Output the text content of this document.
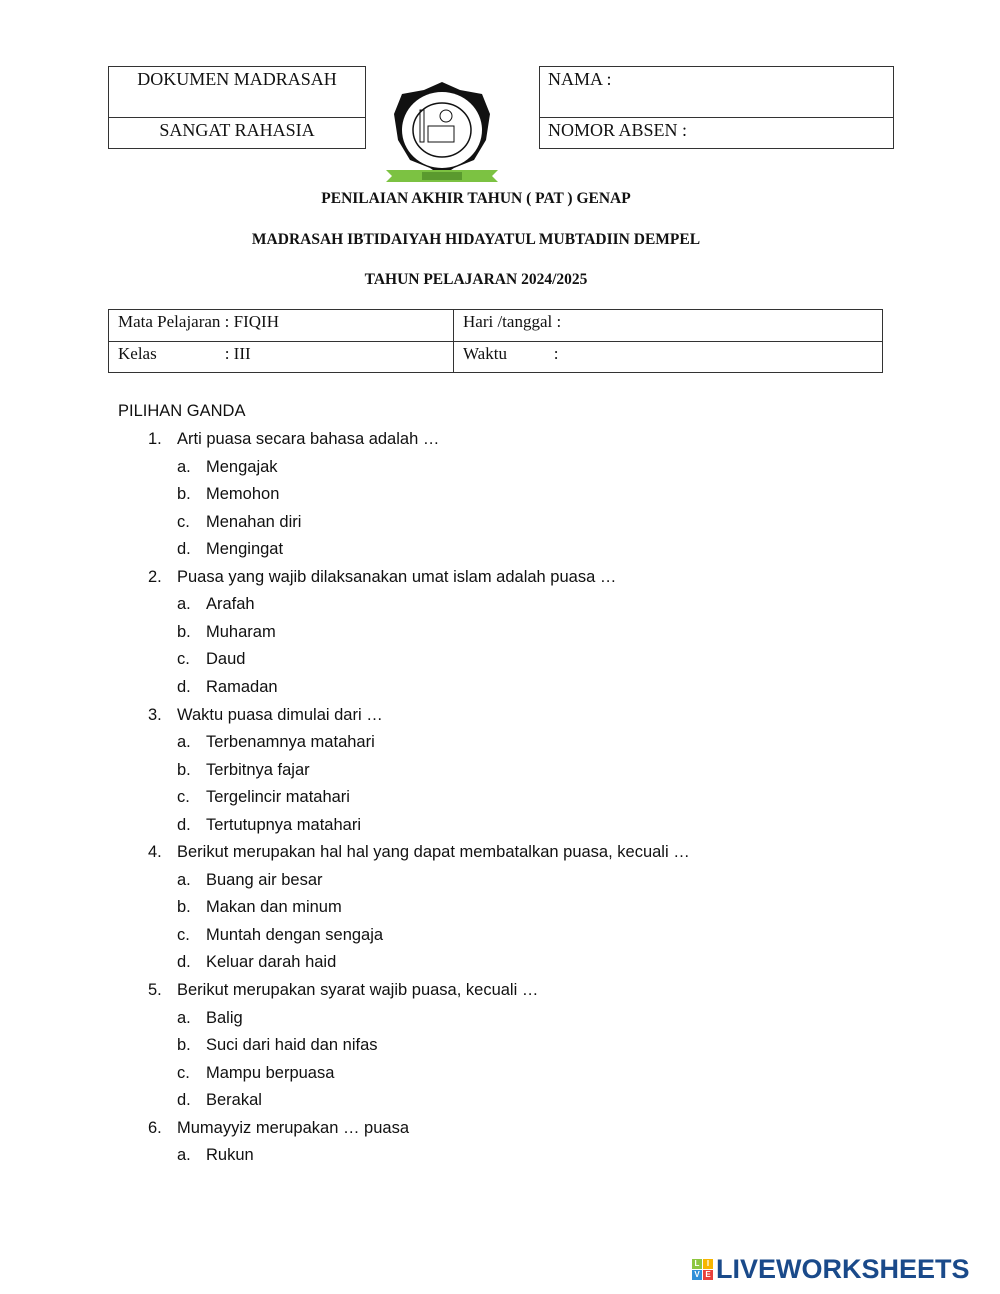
DOKUMEN MADRASAH
SANGAT RAHASIA
NAMA :
NOMOR ABSEN :
PENILAIAN AKHIR TAHUN ( PAT ) GENAP
MADRASAH IBTIDAIYAH HIDAYATUL MUBTADIIN DEMPEL
TAHUN PELAJARAN 2024/2025
Mata Pelajaran : FIQIH	Hari /tanggal :
Kelas                : III	Waktu           :
PILIHAN GANDA
1. Arti puasa secara bahasa adalah …
a. Mengajak
b. Memohon
c. Menahan diri
d. Mengingat
2. Puasa yang wajib dilaksanakan umat islam adalah puasa …
a. Arafah
b. Muharam
c. Daud
d. Ramadan
3. Waktu puasa dimulai dari …
a. Terbenamnya matahari
b. Terbitnya fajar
c. Tergelincir matahari
d. Tertutupnya matahari
4. Berikut merupakan hal hal yang dapat membatalkan puasa, kecuali …
a. Buang air besar
b. Makan dan minum
c. Muntah dengan sengaja
d. Keluar darah haid
5. Berikut merupakan syarat wajib puasa, kecuali …
a. Balig
b. Suci dari haid dan nifas
c. Mampu berpuasa
d. Berakal
6. Mumayyiz merupakan … puasa
a. Rukun
L I
V E LIVEWORKSHEETS
